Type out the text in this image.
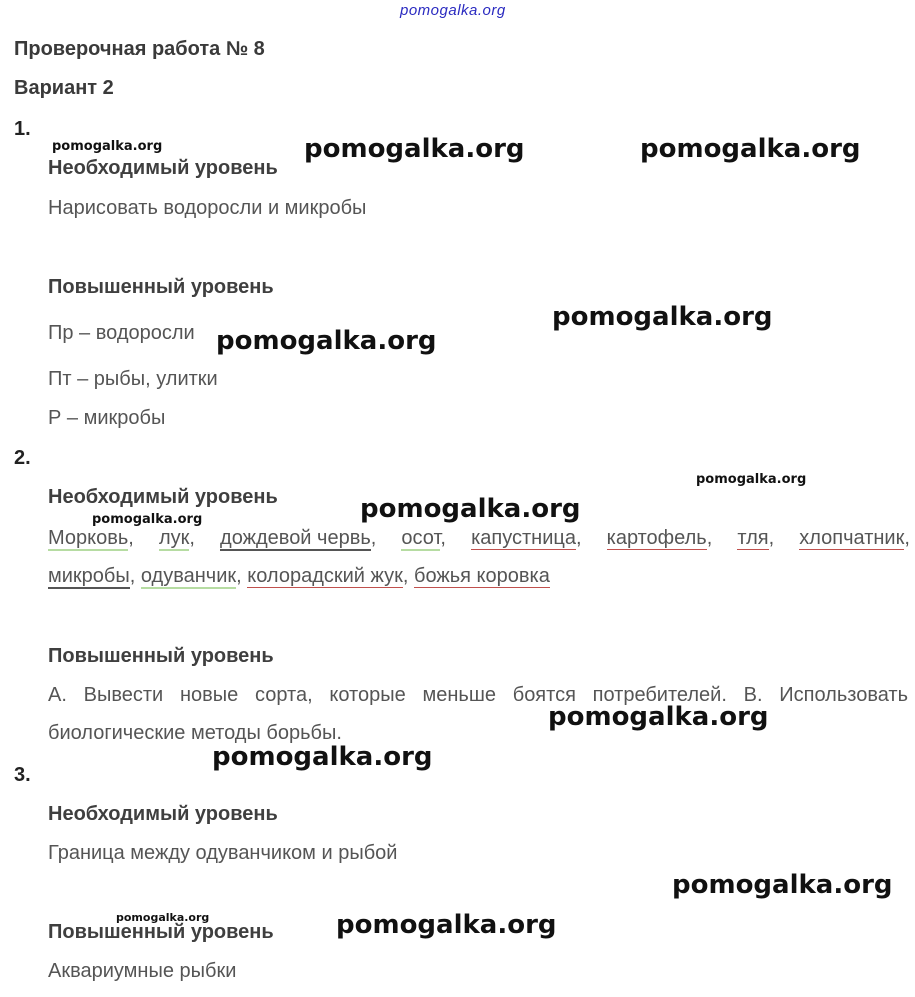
pomogalka.org
Проверочная работа № 8
Вариант 2
1.
Необходимый уровень
Нарисовать водоросли и микробы
Повышенный уровень
Пр – водоросли
Пт – рыбы, улитки
Р – микробы
2.
Необходимый уровень
Морковь, лук, дождевой червь, осот, капустница, картофель, тля, хлопчатник,
микробы, одуванчик, колорадский жук, божья коровка
Повышенный уровень
А. Вывести новые сорта, которые меньше боятся потребителей. В. Использовать биологические методы борьбы.
3.
Необходимый уровень
Граница между одуванчиком и рыбой
Повышенный уровень
Аквариумные рыбки
pomogalka.org	pomogalka.org	pomogalka.org
pomogalka.org
pomogalka.org
pomogalka.org
pomogalka.org
pomogalka.org
pomogalka.org
pomogalka.org
pomogalka.org
pomogalka.org	pomogalka.org
